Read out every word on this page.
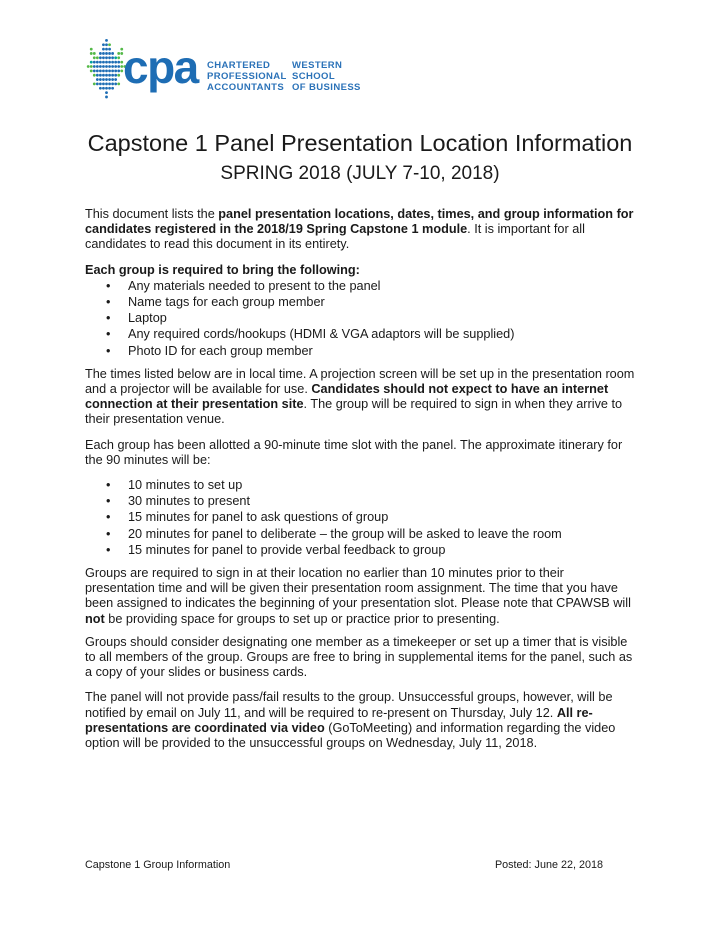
cpa CHARTERED
PROFESSIONAL
ACCOUNTANTS
WESTERN
SCHOOL
OF BUSINESS
Capstone 1 Panel Presentation Location Information
SPRING 2018 (JULY 7-10, 2018)

This document lists the panel presentation locations, dates, times, and group information for candidates registered in the 2018/19 Spring Capstone 1 module. It is important for all candidates to read this document in its entirety.

Each group is required to bring the following:

• Any materials needed to present to the panel
• Name tags for each group member
• Laptop
• Any required cords/hookups (HDMI & VGA adaptors will be supplied)
• Photo ID for each group member

The times listed below are in local time. A projection screen will be set up in the presentation room and a projector will be available for use. Candidates should not expect to have an internet connection at their presentation site. The group will be required to sign in when they arrive to their presentation venue.

Each group has been allotted a 90-minute time slot with the panel. The approximate itinerary for the 90 minutes will be:

• 10 minutes to set up
• 30 minutes to present
• 15 minutes for panel to ask questions of group
• 20 minutes for panel to deliberate – the group will be asked to leave the room
• 15 minutes for panel to provide verbal feedback to group

Groups are required to sign in at their location no earlier than 10 minutes prior to their presentation time and will be given their presentation room assignment. The time that you have been assigned to indicates the beginning of your presentation slot. Please note that CPAWSB will not be providing space for groups to set up or practice prior to presenting.

Groups should consider designating one member as a timekeeper or set up a timer that is visible to all members of the group. Groups are free to bring in supplemental items for the panel, such as a copy of your slides or business cards.

The panel will not provide pass/fail results to the group. Unsuccessful groups, however, will be notified by email on July 11, and will be required to re-present on Thursday, July 12. All re-presentations are coordinated via video (GoToMeeting) and information regarding the video option will be provided to the unsuccessful groups on Wednesday, July 11, 2018.

Capstone 1 Group Information	Posted: June 22, 2018
